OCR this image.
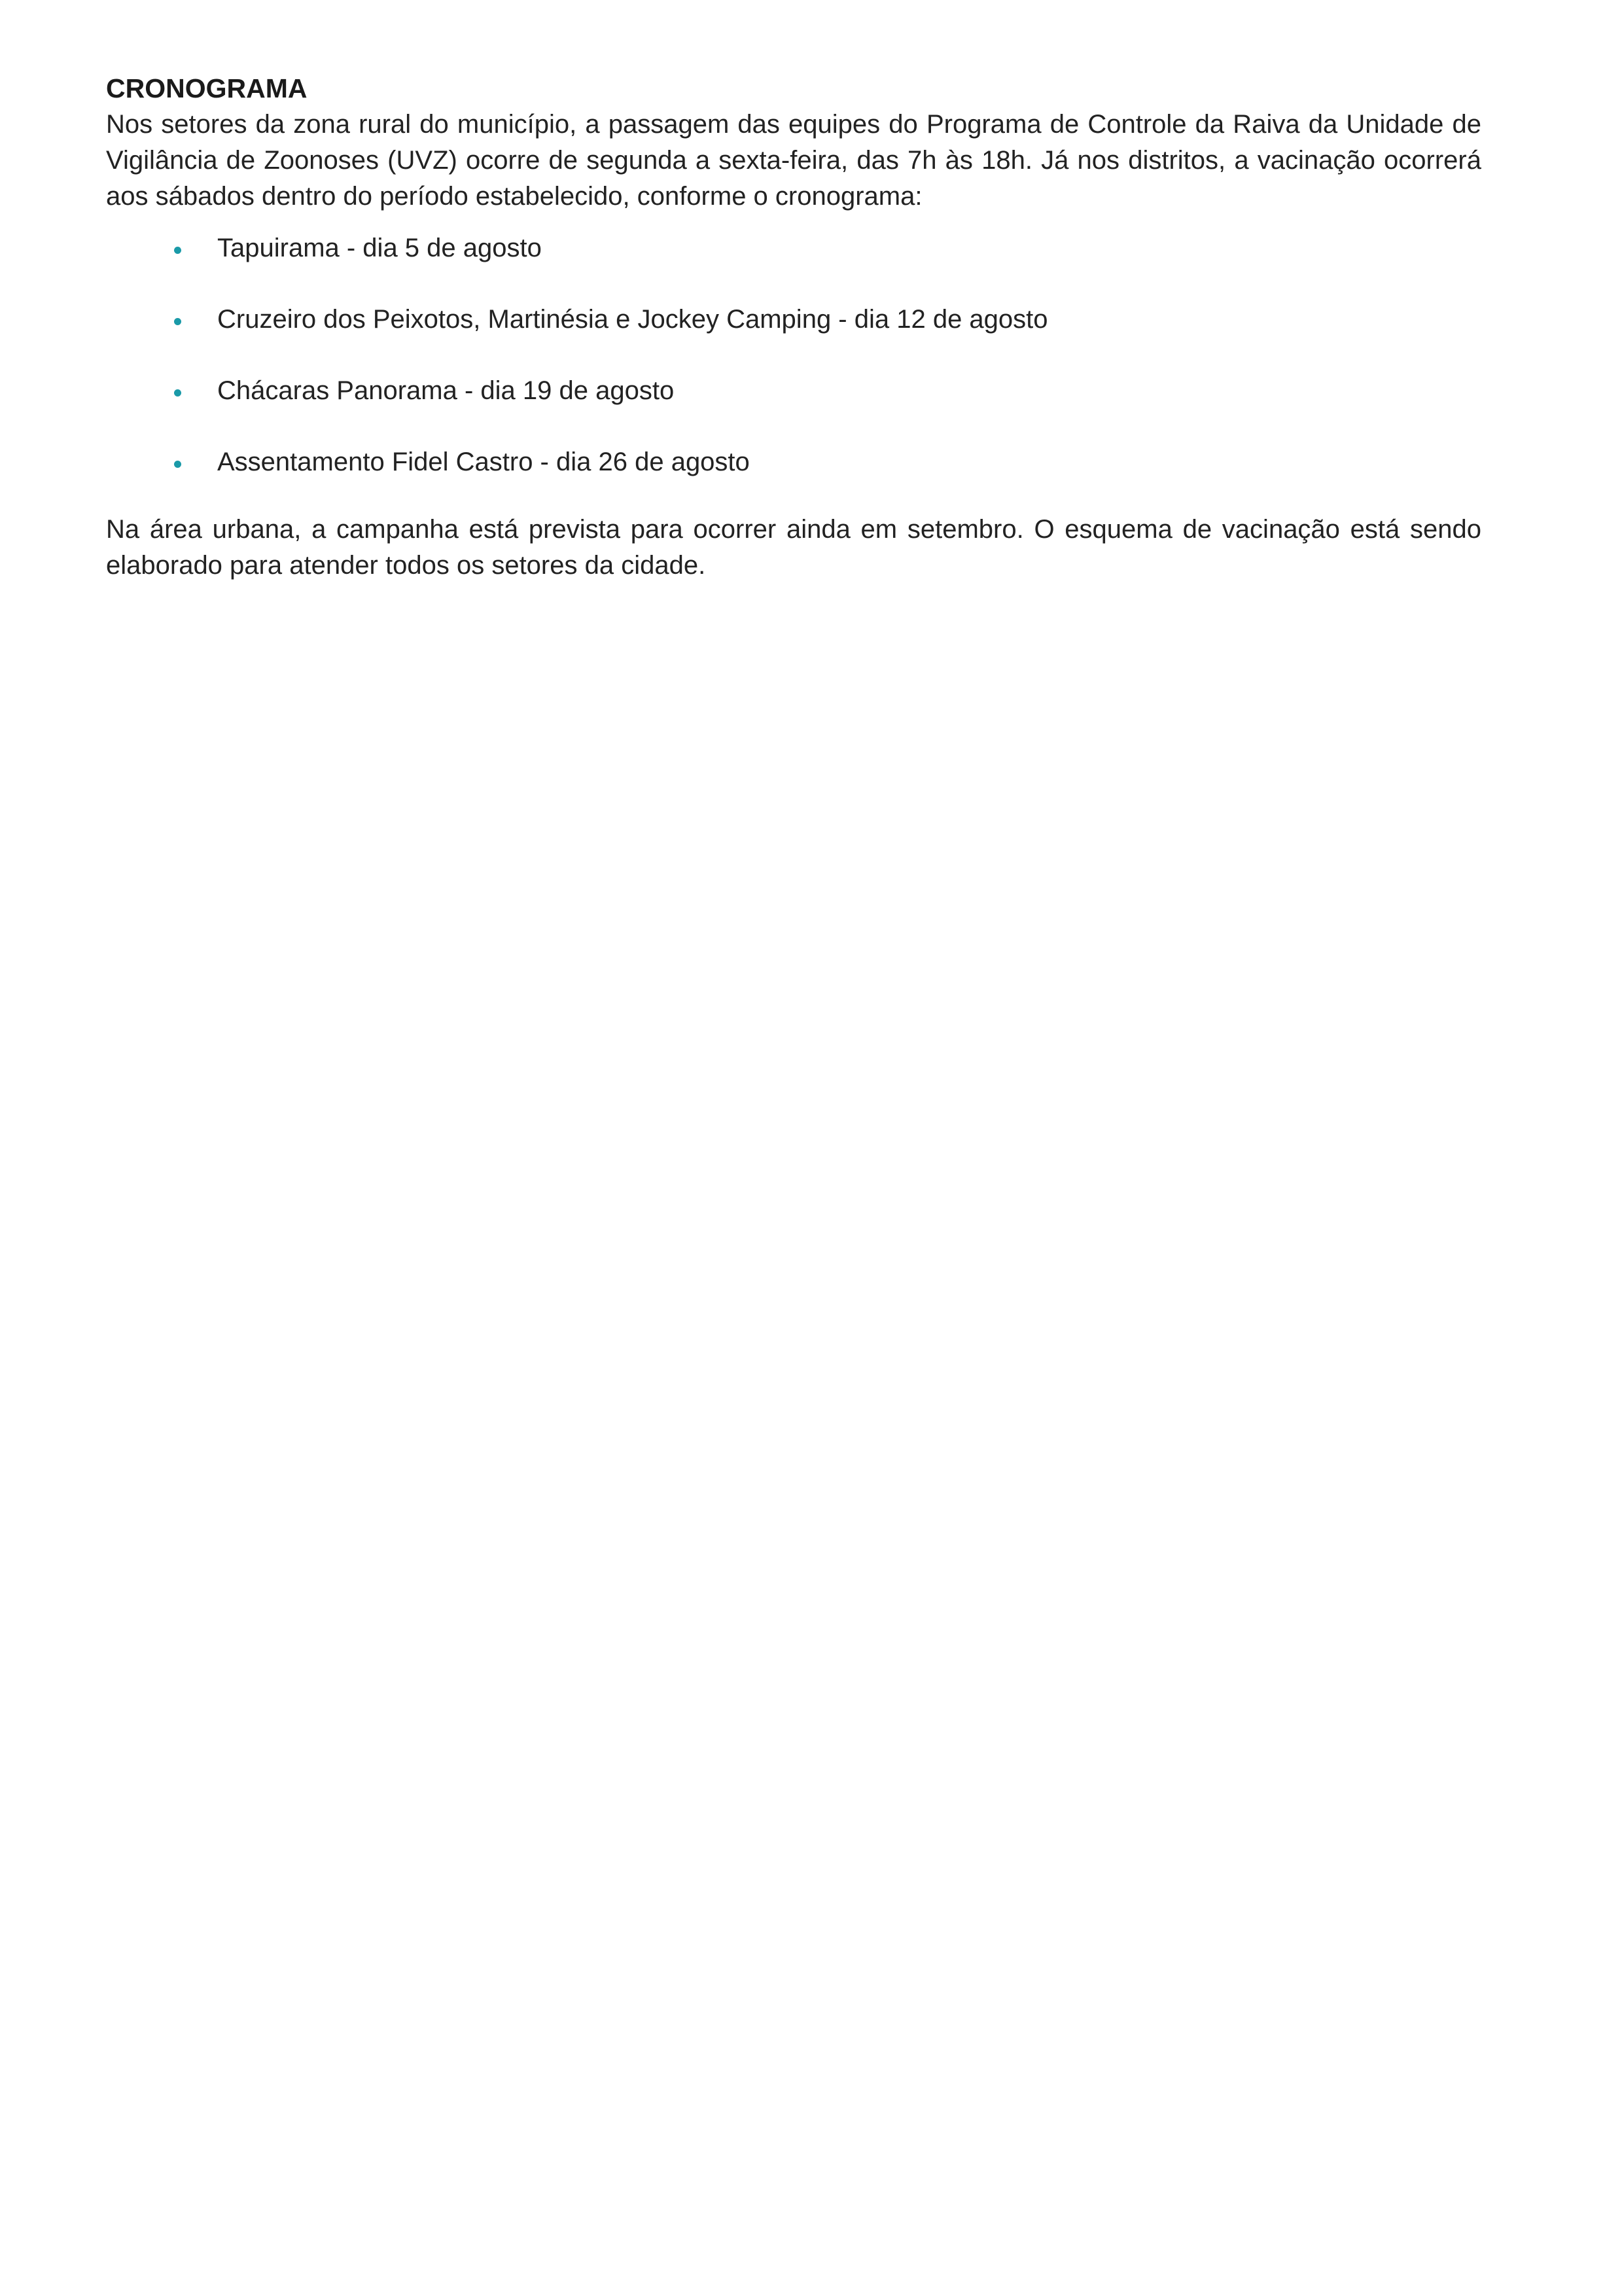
CRONOGRAMA

Nos setores da zona rural do município, a passagem das equipes do Programa de Controle da Raiva da Unidade de Vigilância de Zoonoses (UVZ) ocorre de segunda a sexta-feira, das 7h às 18h. Já nos distritos, a vacinação ocorrerá aos sábados dentro do período estabelecido, conforme o cronograma:

Tapuirama - dia 5 de agosto
Cruzeiro dos Peixotos, Martinésia e Jockey Camping - dia 12 de agosto
Chácaras Panorama - dia 19 de agosto
Assentamento Fidel Castro - dia 26 de agosto

Na área urbana, a campanha está prevista para ocorrer ainda em setembro. O esquema de vacinação está sendo elaborado para atender todos os setores da cidade.
